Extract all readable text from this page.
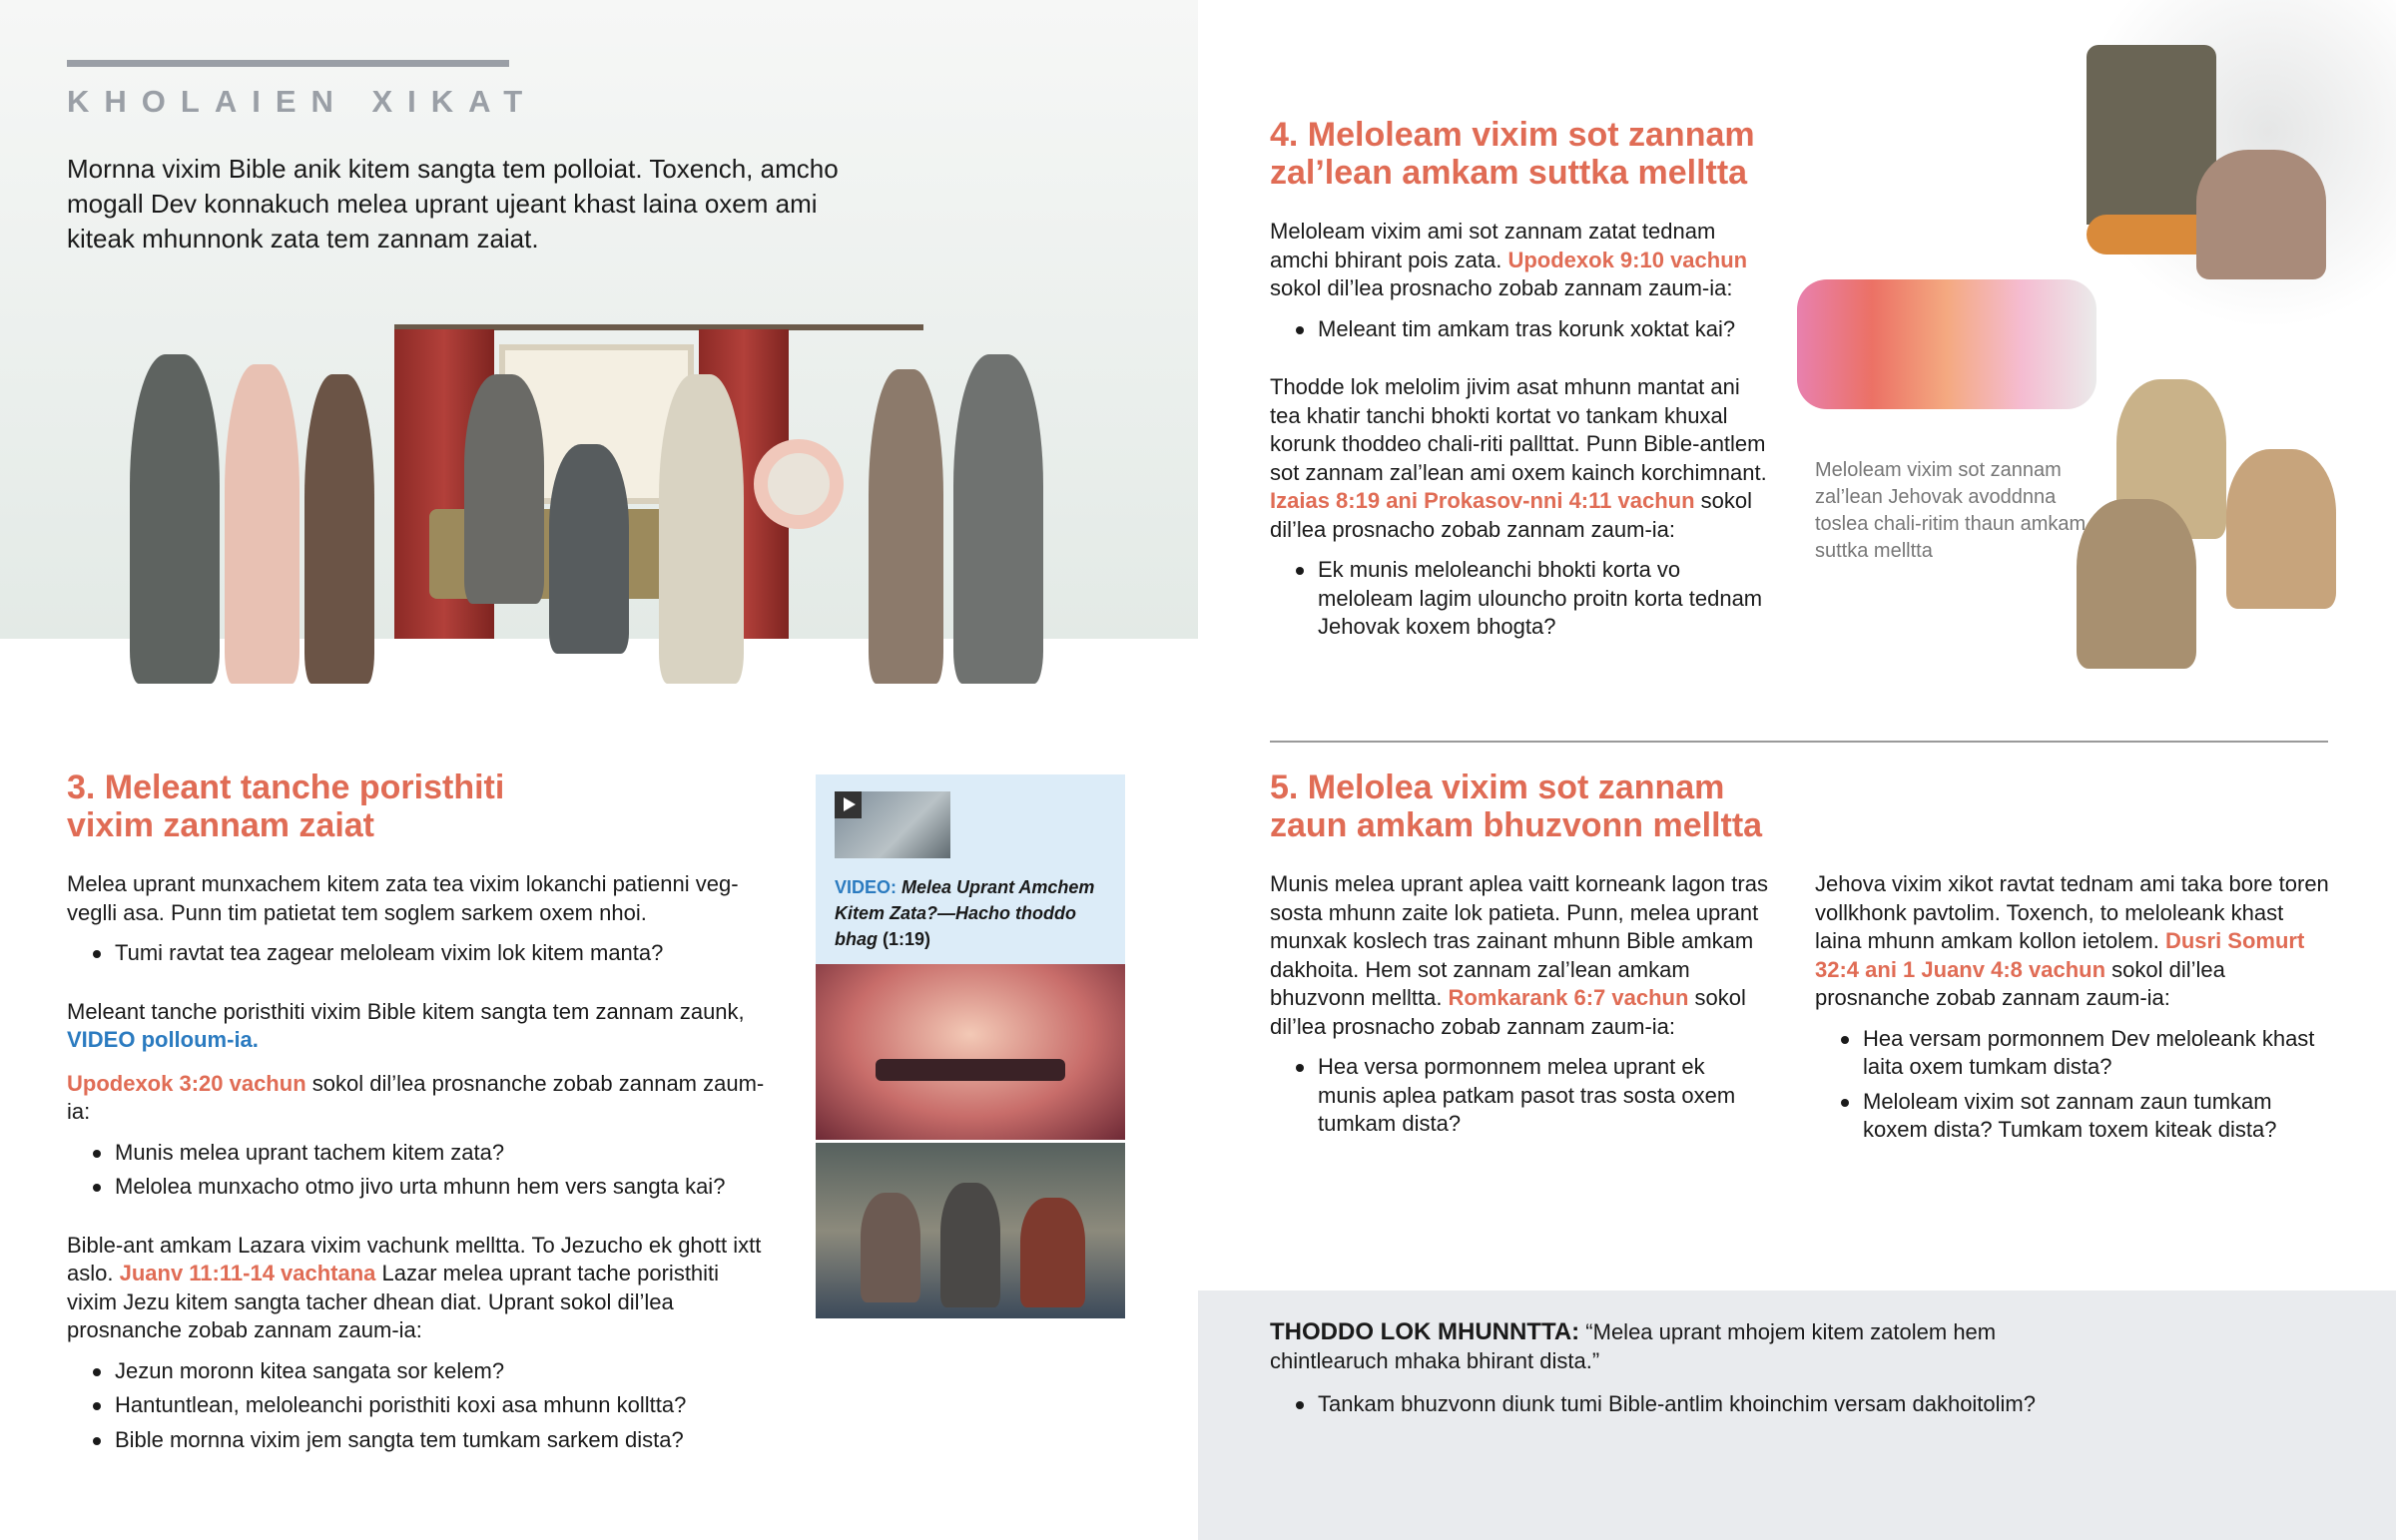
KHOLAIEN XIKAT
Mornna vixim Bible anik kitem sangta tem polloiat. Toxench, amcho mogall Dev konnakuch melea uprant ujeant khast laina oxem ami kiteak mhunnonk zata tem zannam zaiat.
3. Meleant tanche poristhiti vixim zannam zaiat

Melea uprant munxachem kitem zata tea vixim lokanchi patienni veg-veglli asa. Punn tim patietat tem soglem sarkem oxem nhoi.

Tumi ravtat tea zagear meloleam vixim lok kitem manta?

Meleant tanche poristhiti vixim Bible kitem sangta tem zannam zaunk, VIDEO polloum-ia.

Upodexok 3:20 vachun sokol dil’lea prosnanche zobab zannam zaum-ia:

Munis melea uprant tachem kitem zata?
Melolea munxacho otmo jivo urta mhunn hem vers sangta kai?

Bible-ant amkam Lazara vixim vachunk melltta. To Jezucho ek ghott ixtt aslo. Juanv 11:11-14 vachtana Lazar melea uprant tache poristhiti vixim Jezu kitem sangta tacher dhean diat. Uprant sokol dil’lea prosnanche zobab zannam zaum-ia:

Jezun moronn kitea sangata sor kelem?
Hantuntlean, meloleanchi poristhiti koxi asa mhunn kolltta?
Bible mornna vixim jem sangta tem tumkam sarkem dista?
VIDEO: Melea Uprant Amchem Kitem Zata?—Hacho thoddo bhag (1:19)
4. Meloleam vixim sot zannam zal’lean amkam suttka melltta

Meloleam vixim ami sot zannam zatat tednam amchi bhirant pois zata. Upodexok 9:10 vachun sokol dil’lea prosnacho zobab zannam zaum-ia:

Meleant tim amkam tras korunk xoktat kai?

Thodde lok melolim jivim asat mhunn mantat ani tea khatir tanchi bhokti kortat vo tankam khuxal korunk thoddeo chali-riti pallttat. Punn Bible-antlem sot zannam zal’lean ami oxem kainch korchimnant. Izaias 8:19 ani Prokasov-nni 4:11 vachun sokol dil’lea prosnacho zobab zannam zaum-ia:

Ek munis meloleanchi bhokti korta vo meloleam lagim ulouncho proitn korta tednam Jehovak koxem bhogta?
Meloleam vixim sot zannam zal’lean Jehovak avoddnna toslea chali-ritim thaun amkam suttka melltta
5. Melolea vixim sot zannam zaun amkam bhuzvonn melltta

Munis melea uprant aplea vaitt korneank lagon tras sosta mhunn zaite lok patieta. Punn, melea uprant munxak koslech tras zainant mhunn Bible amkam dakhoita. Hem sot zannam zal’lean amkam bhuzvonn melltta. Romkarank 6:7 vachun sokol dil’lea prosnacho zobab zannam zaum-ia:

Hea versa pormonnem melea uprant ek munis aplea patkam pasot tras sosta oxem tumkam dista?

Jehova vixim xikot ravtat tednam ami taka bore toren vollkhonk pavtolim. Toxench, to meloleank khast laina mhunn amkam kollon ietolem. Dusri Somurt 32:4 ani 1 Juanv 4:8 vachun sokol dil’lea prosnanche zobab zannam zaum-ia:

Hea versam pormonnem Dev meloleank khast laita oxem tumkam dista?
Meloleam vixim sot zannam zaun tumkam koxem dista? Tumkam toxem kiteak dista?
THODDO LOK MHUNNTTA: “Melea uprant mhojem kitem zatolem hem chintlearuch mhaka bhirant dista.”
Tankam bhuzvonn diunk tumi Bible-antlim khoinchim versam dakhoitolim?
